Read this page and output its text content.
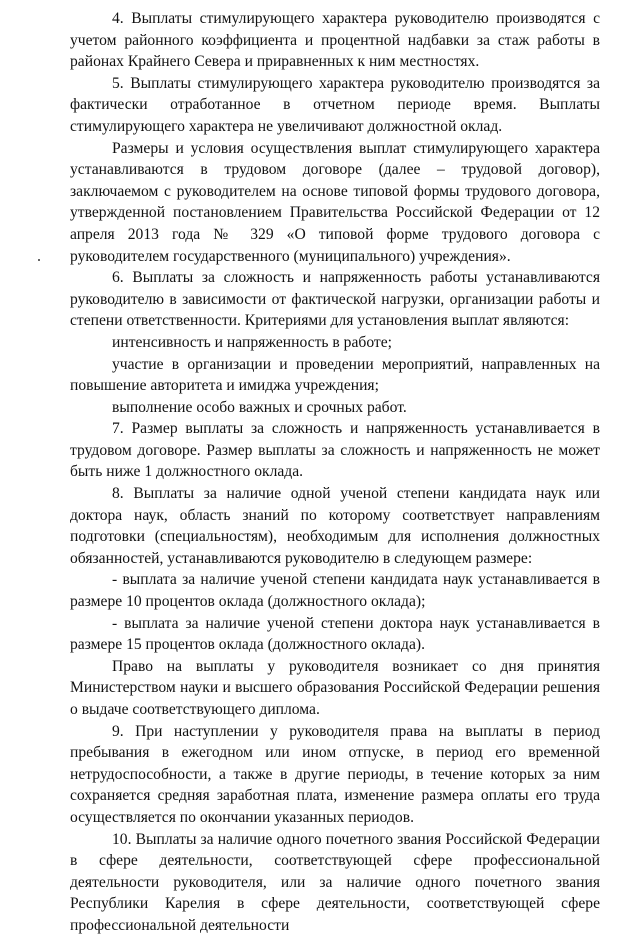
4. Выплаты стимулирующего характера руководителю производятся с учетом районного коэффициента и процентной надбавки за стаж работы в районах Крайнего Севера и приравненных к ним местностях.

5. Выплаты стимулирующего характера руководителю производятся за фактически отработанное в отчетном периоде время. Выплаты стимулирующего характера не увеличивают должностной оклад.

Размеры и условия осуществления выплат стимулирующего характера устанавливаются в трудовом договоре (далее – трудовой договор), заключаемом с руководителем на основе типовой формы трудового договора, утвержденной постановлением Правительства Российской Федерации от 12 апреля 2013 года № 329 «О типовой форме трудового договора с руководителем государственного (муниципального) учреждения».

6. Выплаты за сложность и напряженность работы устанавливаются руководителю в зависимости от фактической нагрузки, организации работы и степени ответственности. Критериями для установления выплат являются:

интенсивность и напряженность в работе;

участие в организации и проведении мероприятий, направленных на повышение авторитета и имиджа учреждения;

выполнение особо важных и срочных работ.

7. Размер выплаты за сложность и напряженность устанавливается в трудовом договоре. Размер выплаты за сложность и напряженность не может быть ниже 1 должностного оклада.

8. Выплаты за наличие одной ученой степени кандидата наук или доктора наук, область знаний по которому соответствует направлениям подготовки (специальностям), необходимым для исполнения должностных обязанностей, устанавливаются руководителю в следующем размере:

- выплата за наличие ученой степени кандидата наук устанавливается в размере 10 процентов оклада (должностного оклада);

- выплата за наличие ученой степени доктора наук устанавливается в размере 15 процентов оклада (должностного оклада).

Право на выплаты у руководителя возникает со дня принятия Министерством науки и высшего образования Российской Федерации решения о выдаче соответствующего диплома.

9. При наступлении у руководителя права на выплаты в период пребывания в ежегодном или ином отпуске, в период его временной нетрудоспособности, а также в другие периоды, в течение которых за ним сохраняется средняя заработная плата, изменение размера оплаты его труда осуществляется по окончании указанных периодов.

10. Выплаты за наличие одного почетного звания Российской Федерации в сфере деятельности, соответствующей сфере профессиональной деятельности руководителя, или за наличие одного почетного звания Республики Карелия в сфере деятельности, соответствующей сфере профессиональной деятельности
